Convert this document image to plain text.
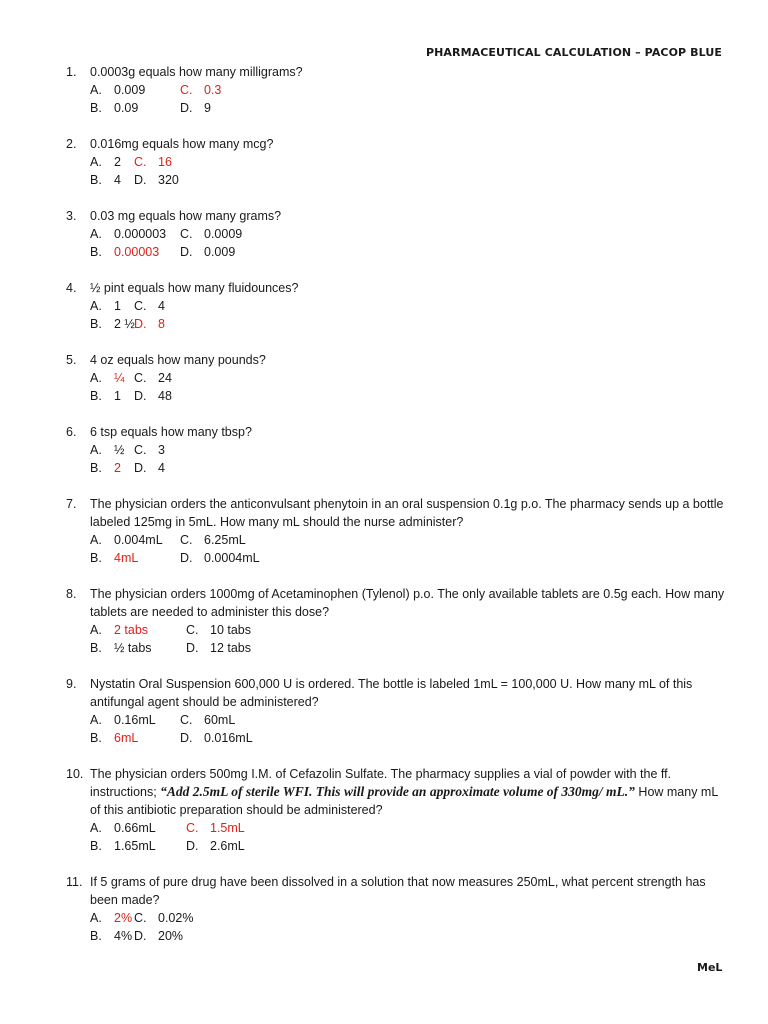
PHARMACEUTICAL CALCULATION – PACOP BLUE
1.	0.0003g equals how many milligrams?
A. 0.009	C. 0.3
B. 0.09	D. 9
2.	0.016mg equals how many mcg?
A. 2 C. 16
B. 4 D. 320
3.	0.03 mg equals how many grams?
A. 0.000003 C. 0.0009
B. 0.00003 D. 0.009
4.	½ pint equals how many fluidounces?
A. 1 C. 4
B. 2 ½ D. 8
5.	4 oz equals how many pounds?
A. ¼ C. 24
B. 1 D. 48
6.	6 tsp equals how many tbsp?
A. ½ C. 3
B. 2 D. 4
7.	The physician orders the anticonvulsant phenytoin in an oral suspension 0.1g p.o. The pharmacy sends up a bottle labeled 125mg in 5mL. How many mL should the nurse administer?
A. 0.004mL C. 6.25mL
B. 4mL	D. 0.0004mL
8.	The physician orders 1000mg of Acetaminophen (Tylenol) p.o. The only available tablets are 0.5g each. How many tablets are needed to administer this dose?
A. 2 tabs	C. 10 tabs
B. ½ tabs	D. 12 tabs
9.	Nystatin Oral Suspension 600,000 U is ordered. The bottle is labeled 1mL = 100,000 U. How many mL of this antifungal agent should be administered?
A. 0.16mL C. 60mL
B. 6mL	D. 0.016mL
10. The physician orders 500mg I.M. of Cefazolin Sulfate. The pharmacy supplies a vial of powder with the ff. instructions; “Add 2.5mL of sterile WFI. This will provide an approximate volume of 330mg/ mL.” How many mL of this antibiotic preparation should be administered?
A. 0.66mL C. 1.5mL
B. 1.65mL D. 2.6mL
11. If 5 grams of pure drug have been dissolved in a solution that now measures 250mL, what percent strength has been made?
A. 2% C. 0.02%
B. 4% D. 20%
MeL
